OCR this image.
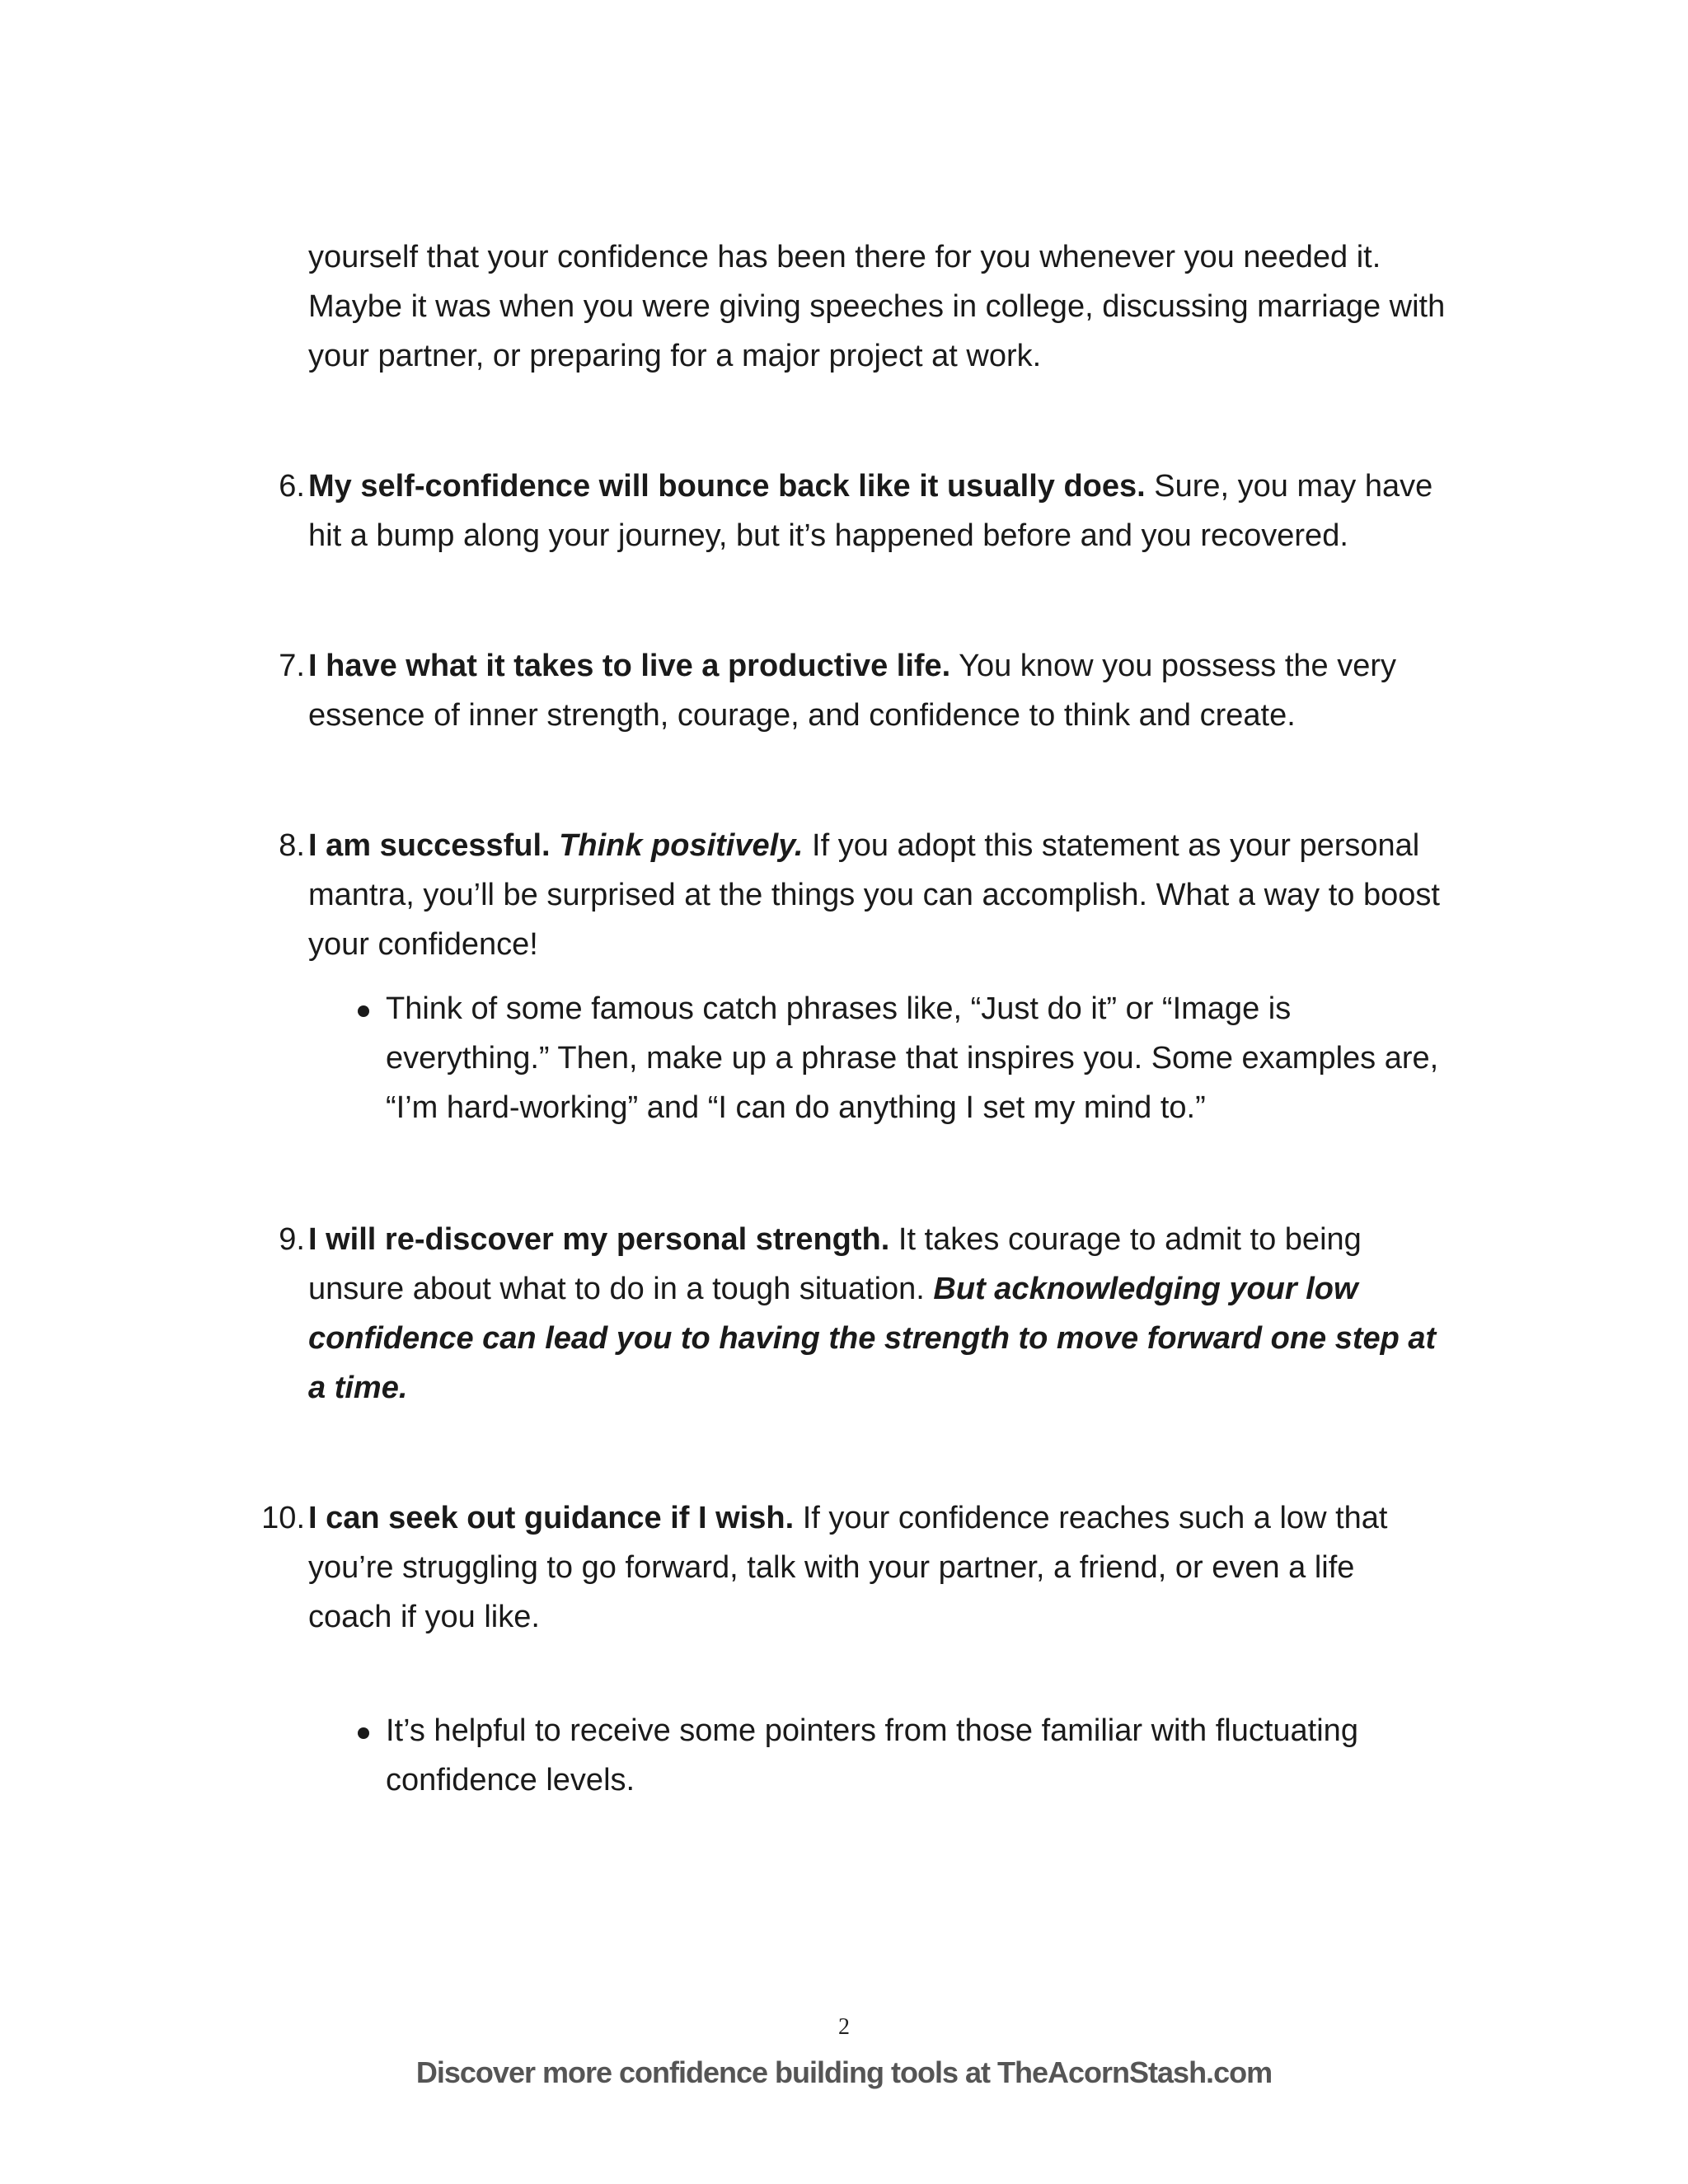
yourself that your confidence has been there for you whenever you needed it. Maybe it was when you were giving speeches in college, discussing marriage with your partner, or preparing for a major project at work.

6. My self-confidence will bounce back like it usually does. Sure, you may have hit a bump along your journey, but it’s happened before and you recovered.
7. I have what it takes to live a productive life. You know you possess the very essence of inner strength, courage, and confidence to think and create.
8. I am successful. Think positively. If you adopt this statement as your personal mantra, you’ll be surprised at the things you can accomplish. What a way to boost your confidence!
Think of some famous catch phrases like, “Just do it” or “Image is everything.” Then, make up a phrase that inspires you. Some examples are, “I’m hard-working” and “I can do anything I set my mind to.”
9. I will re-discover my personal strength. It takes courage to admit to being unsure about what to do in a tough situation. But acknowledging your low confidence can lead you to having the strength to move forward one step at a time.
10. I can seek out guidance if I wish. If your confidence reaches such a low that you’re struggling to go forward, talk with your partner, a friend, or even a life coach if you like.
It’s helpful to receive some pointers from those familiar with fluctuating confidence levels.
2
Discover more confidence building tools at TheAcornStash.com
